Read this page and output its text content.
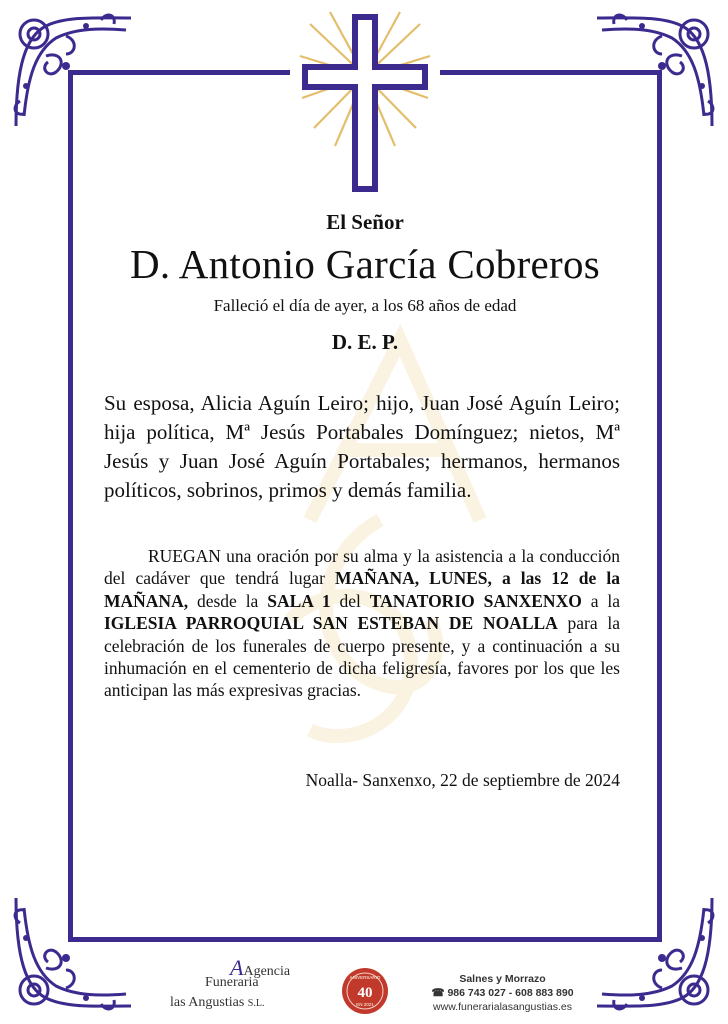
El Señor
D. Antonio García Cobreros
Falleció el día de ayer, a los 68 años de edad
D. E. P.
Su esposa, Alicia Aguín Leiro; hijo, Juan José Aguín Leiro; hija política, Mª Jesús Portabales Domínguez; nietos, Mª Jesús y Juan José Aguín Portabales; hermanos, hermanos políticos, sobrinos, primos y demás familia.
RUEGAN una oración por su alma y la asistencia a la conducción del cadáver que tendrá lugar MAÑANA, LUNES, a las 12 de la MAÑANA, desde la SALA 1 del TANATORIO SANXENXO a la IGLESIA PARROQUIAL SAN ESTEBAN DE NOALLA para la celebración de los funerales de cuerpo presente, y a continuación a su inhumación en el cementerio de dicha feligresía, favores por los que les anticipan las más expresivas gracias.
Noalla- Sanxenxo, 22 de septiembre de 2024
AAgencia
Funeraria
las Angustias S.L.
ANIVERSARIO
40
EN 2021
Salnes y Morrazo
☎ 986 743 027 - 608 883 890
www.funerarialasangustias.es
